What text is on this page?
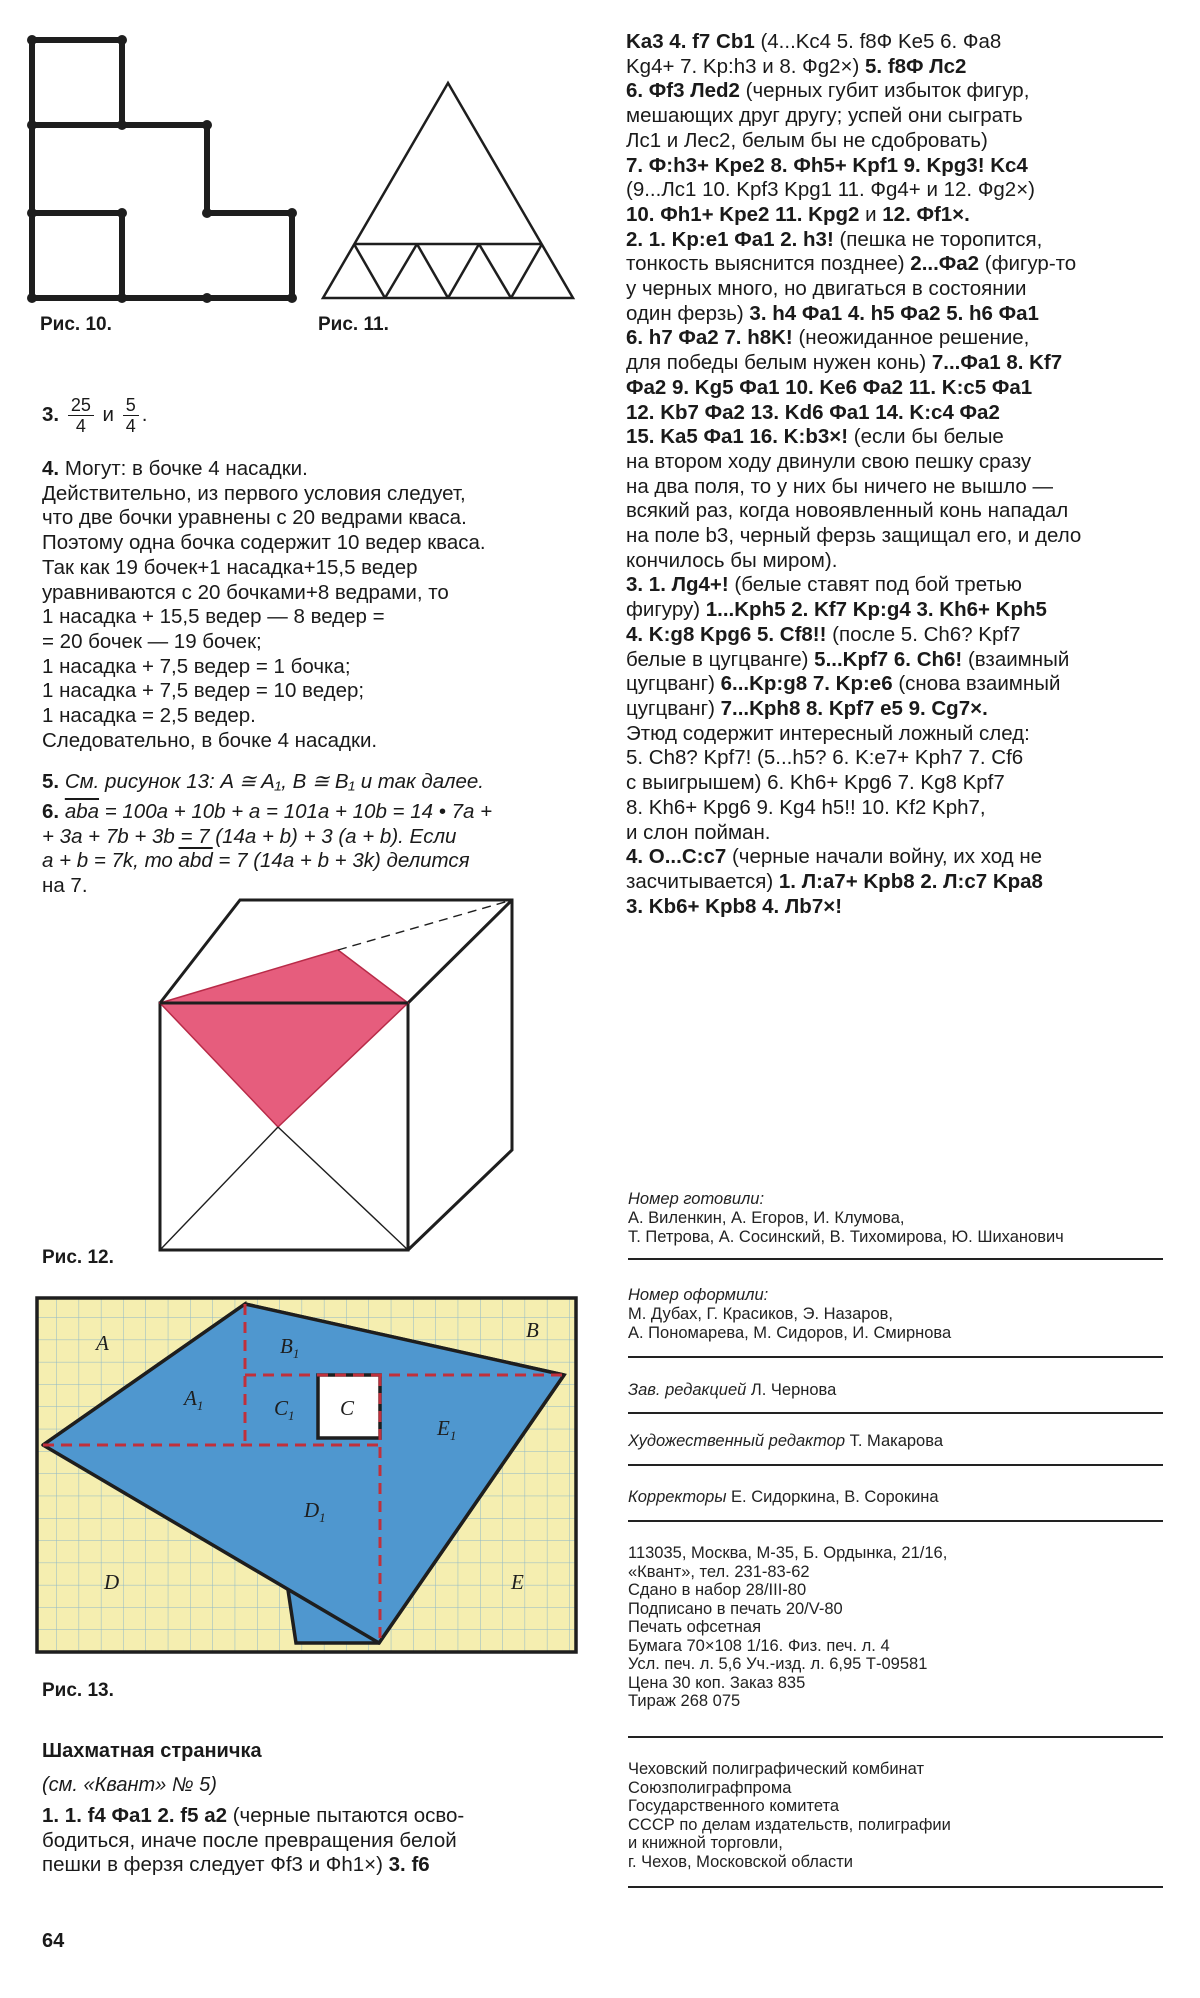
Рис. 10.	Рис. 11.
3. $\frac{25}{4}$ и $\frac{5}{4}$ .

4. Могут: в бочке 4 насадки.

Действительно, из первого условия следует,

что две бочки уравнены с 20 ведрами кваса.

Поэтому одна бочка содержит 10 ведер кваса.

Так как 19 бочек+1 насадка+15,5 ведер

уравниваются с 20 бочками+8 ведрами, то

1 насадка + 15,5 ведер — 8 ведер =

= 20 бочек — 19 бочек;

1 насадка + 7,5 ведер = 1 бочка;

1 насадка + 7,5 ведер = 10 ведер;

1 насадка = 2,5 ведер.

Следовательно, в бочке 4 насадки.

5. См. рисунок 13: A ≅ A₁, B ≅ B₁ и так далее.

6. $\overline{aba} = 100a + 10b + a = 101a + 10b = 14$ • 7a +

+ 3a + 7b + 3b = 7 (14a + b) + 3 (a + b). Если

a + b = 7k, то $\overline{abd} = 7$ (14a + b + 3k) делится

на 7.

Рис. 12.
A
B
D	E
C
$A_1$
$B_1$
$C_1$
$D_1$
$E_1$
Рис. 13.
Шахматная страничка
(см. «Квант» № 5)

1. 1. f4 Фa1 2. f5 a2 (черные пытаются осво-

бодиться, иначе после превращения белой

пешки в ферзя следует Фf3 и Фh1×) 3. f6

64

Ka3 4. f7 Cb1 (4...Kc4 5. f8Ф Ke5 6. Фa8

Kg4+ 7. Kp:h3 и 8. Фg2×) 5. f8Ф Лc2

6. Фf3 Лed2 (черных губит избыток фигур,

мешающих друг другу; успей они сыграть

Лc1 и Лec2, белым бы не сдобровать)

7. Ф:h3+ Kpe2 8. Фh5+ Kpf1 9. Kpg3! Kc4

(9...Лc1 10. Kpf3 Kpg1 11. Фg4+ и 12. Фg2×)

10. Фh1+ Kpe2 11. Kpg2 и 12. Фf1×.

2. 1. Kp:e1 Фa1 2. h3! (пешка не торопится,

тонкость выяснится позднее) 2...Фa2 (фигур-то

у черных много, но двигаться в состоянии

один ферзь) 3. h4 Фa1 4. h5 Фa2 5. h6 Фa1

6. h7 Фa2 7. h8K! (неожиданное решение,

для победы белым нужен конь) 7...Фa1 8. Kf7

Фa2 9. Kg5 Фa1 10. Ke6 Фa2 11. K:c5 Фa1

12. Kb7 Фa2 13. Kd6 Фa1 14. K:c4 Фa2

15. Ka5 Фa1 16. K:b3×! (если бы белые

на втором ходу двинули свою пешку сразу

на два поля, то у них бы ничего не вышло —

всякий раз, когда новоявленный конь нападал

на поле b3, черный ферзь защищал его, и дело

кончилось бы миром).

3. 1. Лg4+! (белые ставят под бой третью

фигуру) 1...Kph5 2. Kf7 Kp:g4 3. Kh6+ Kph5

4. K:g8 Kpg6 5. Cf8!! (после 5. Ch6? Kpf7

белые в цугцванге) 5...Kpf7 6. Ch6! (взаимный

цугцванг) 6...Kp:g8 7. Kp:e6 (снова взаимный

цугцванг) 7...Kph8 8. Kpf7 e5 9. Cg7×.

Этюд содержит интересный ложный след:

5. Ch8? Kpf7! (5...h5? 6. K:e7+ Kph7 7. Cf6

с выигрышем) 6. Kh6+ Kpg6 7. Kg8 Kpf7

8. Kh6+ Kpg6 9. Kg4 h5!! 10. Kf2 Kph7,

и слон пойман.

4. O...C:c7 (черные начали войну, их ход не

засчитывается) 1. Л:a7+ Kpb8 2. Л:c7 Kpa8

3. Kb6+ Kpb8 4. Лb7×!

Номер готовили:
А. Виленкин, А. Егоров, И. Клумова,
Т. Петрова, А. Сосинский, В. Тихомирова, Ю. Шиханович
Номер оформили:
М. Дубах, Г. Красиков, Э. Назаров,
А. Пономарева, М. Сидоров, И. Смирнова
Зав. редакцией Л. Чернова
Художественный редактор Т. Макарова
Корректоры Е. Сидоркина, В. Сорокина
113035, Москва, М-35, Б. Ордынка, 21/16,
«Квант», тел. 231-83-62
Сдано в набор 28/III-80
Подписано в печать 20/V-80
Печать офсетная
Бумага 70×108 1/16. Физ. печ. л. 4
Усл. печ. л. 5,6 Уч.-изд. л. 6,95 Т-09581
Цена 30 коп. Заказ 835
Тираж 268 075
Чеховский полиграфический комбинат
Союзполиграфпрома
Государственного комитета
СССР по делам издательств, полиграфии
и книжной торговли,
г. Чехов, Московской области
